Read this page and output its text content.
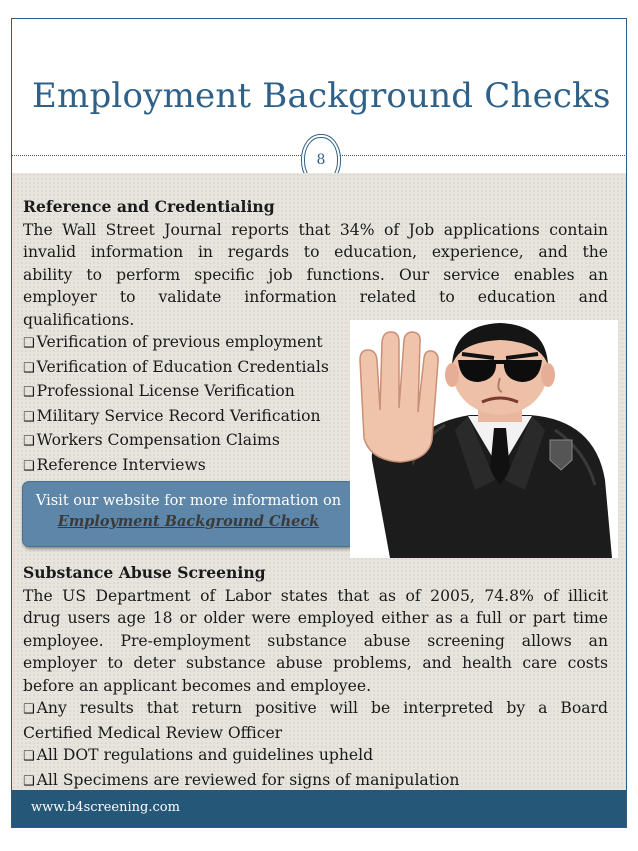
Employment Background Checks
8
Reference and Credentialing
The Wall Street Journal reports that 34% of Job applications contain
invalid information in regards to education, experience, and the
ability to perform specific job functions. Our service enables an
employer to validate information related to education and
qualifications.
❑ Verification of previous employment
❑ Verification of Education Credentials
❑ Professional License Verification
❑ Military Service Record Verification
❑ Workers Compensation Claims
❑ Reference Interviews
Visit our website for more information on
Employment Background Check
Substance Abuse Screening
The US Department of Labor states that as of 2005, 74.8% of illicit
drug users age 18 or older were employed either as a full or part time
employee. Pre-employment substance abuse screening allows an
employer to deter substance abuse problems, and health care costs
before an applicant becomes and employee.
❑ Any results that return positive will be interpreted by a Board
Certified Medical Review Officer
❑ All DOT regulations and guidelines upheld
❑ All Specimens are reviewed for signs of manipulation
www.b4screening.com
